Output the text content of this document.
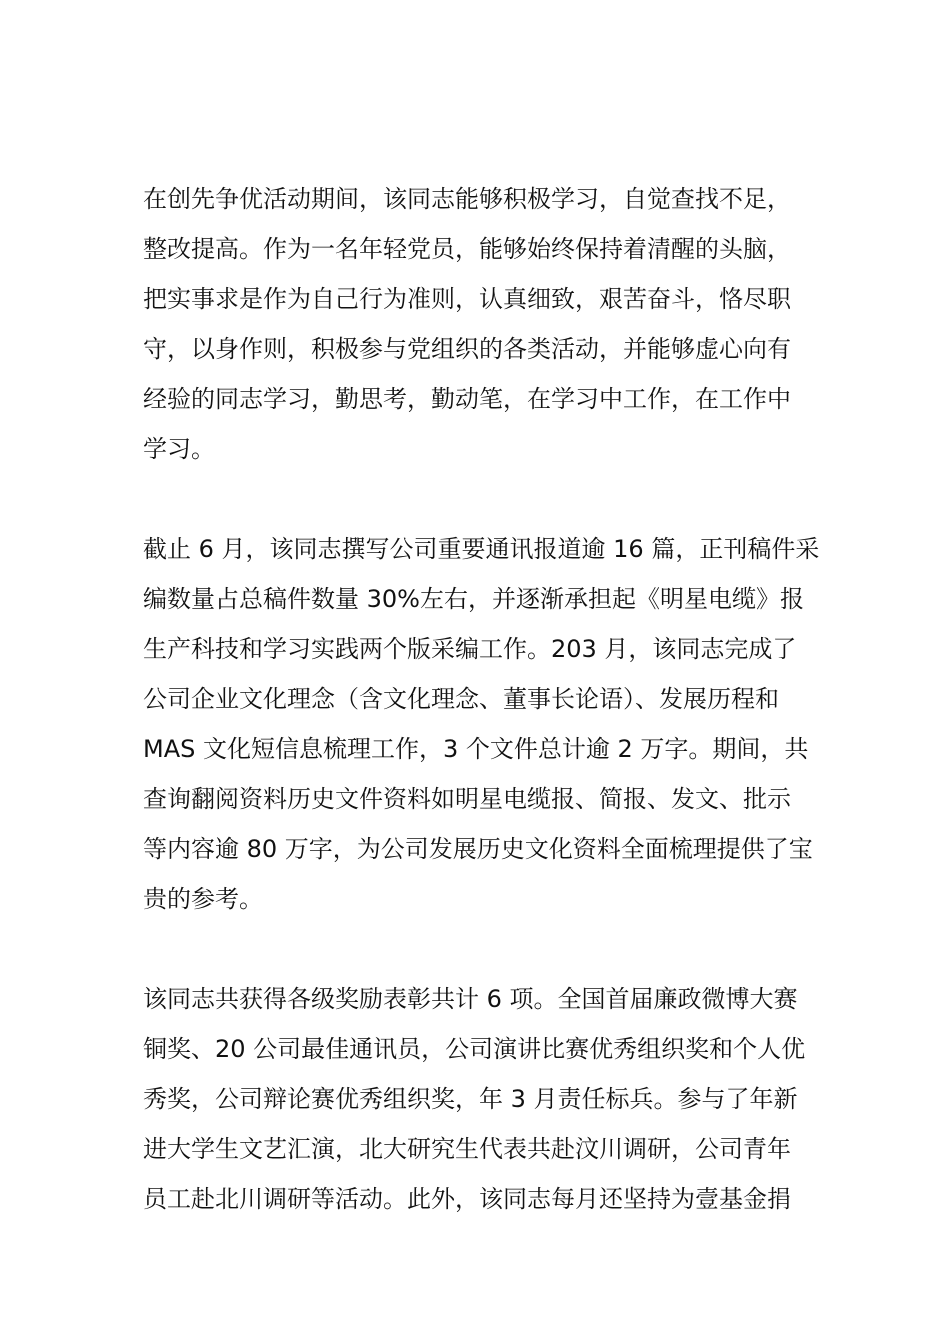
在创先争优活动期间，该同志能够积极学习，自觉查找不足，
整改提高。作为一名年轻党员，能够始终保持着清醒的头脑，
把实事求是作为自己行为准则，认真细致，艰苦奋斗，恪尽职
守，以身作则，积极参与党组织的各类活动，并能够虚心向有
经验的同志学习，勤思考，勤动笔，在学习中工作，在工作中
学习。
截止 6 月，该同志撰写公司重要通讯报道逾 16 篇，正刊稿件采
编数量占总稿件数量 30%左右，并逐渐承担起《明星电缆》报
生产科技和学习实践两个版采编工作。203 月，该同志完成了
公司企业文化理念（含文化理念、董事长论语）、发展历程和
MAS 文化短信息梳理工作，3 个文件总计逾 2 万字。期间，共
查询翻阅资料历史文件资料如明星电缆报、简报、发文、批示
等内容逾 80 万字，为公司发展历史文化资料全面梳理提供了宝
贵的参考。
该同志共获得各级奖励表彰共计 6 项。全国首届廉政微博大赛
铜奖、20 公司最佳通讯员，公司演讲比赛优秀组织奖和个人优
秀奖，公司辩论赛优秀组织奖，年 3 月责任标兵。参与了年新
进大学生文艺汇演，北大研究生代表共赴汶川调研，公司青年
员工赴北川调研等活动。此外，该同志每月还坚持为壹基金捐
